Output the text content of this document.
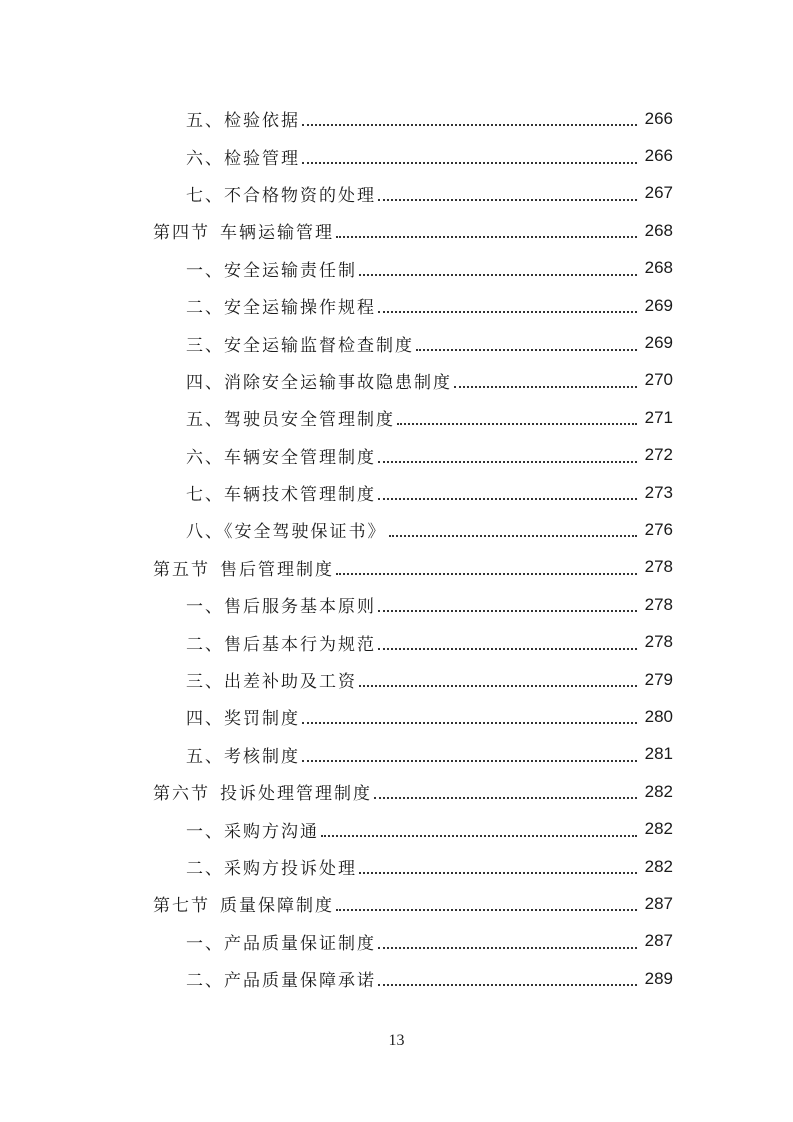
五、检验依据	266
六、检验管理	266
七、不合格物资的处理	267
第四节 车辆运输管理	268
一、安全运输责任制	268
二、安全运输操作规程	269
三、安全运输监督检查制度	269
四、消除安全运输事故隐患制度	270
五、驾驶员安全管理制度	271
六、车辆安全管理制度	272
七、车辆技术管理制度	273
八、《安全驾驶保证书》	276
第五节 售后管理制度	278
一、售后服务基本原则	278
二、售后基本行为规范	278
三、出差补助及工资	279
四、奖罚制度	280
五、考核制度	281
第六节 投诉处理管理制度	282
一、采购方沟通	282
二、采购方投诉处理	282
第七节 质量保障制度	287
一、产品质量保证制度	287
二、产品质量保障承诺	289
13
